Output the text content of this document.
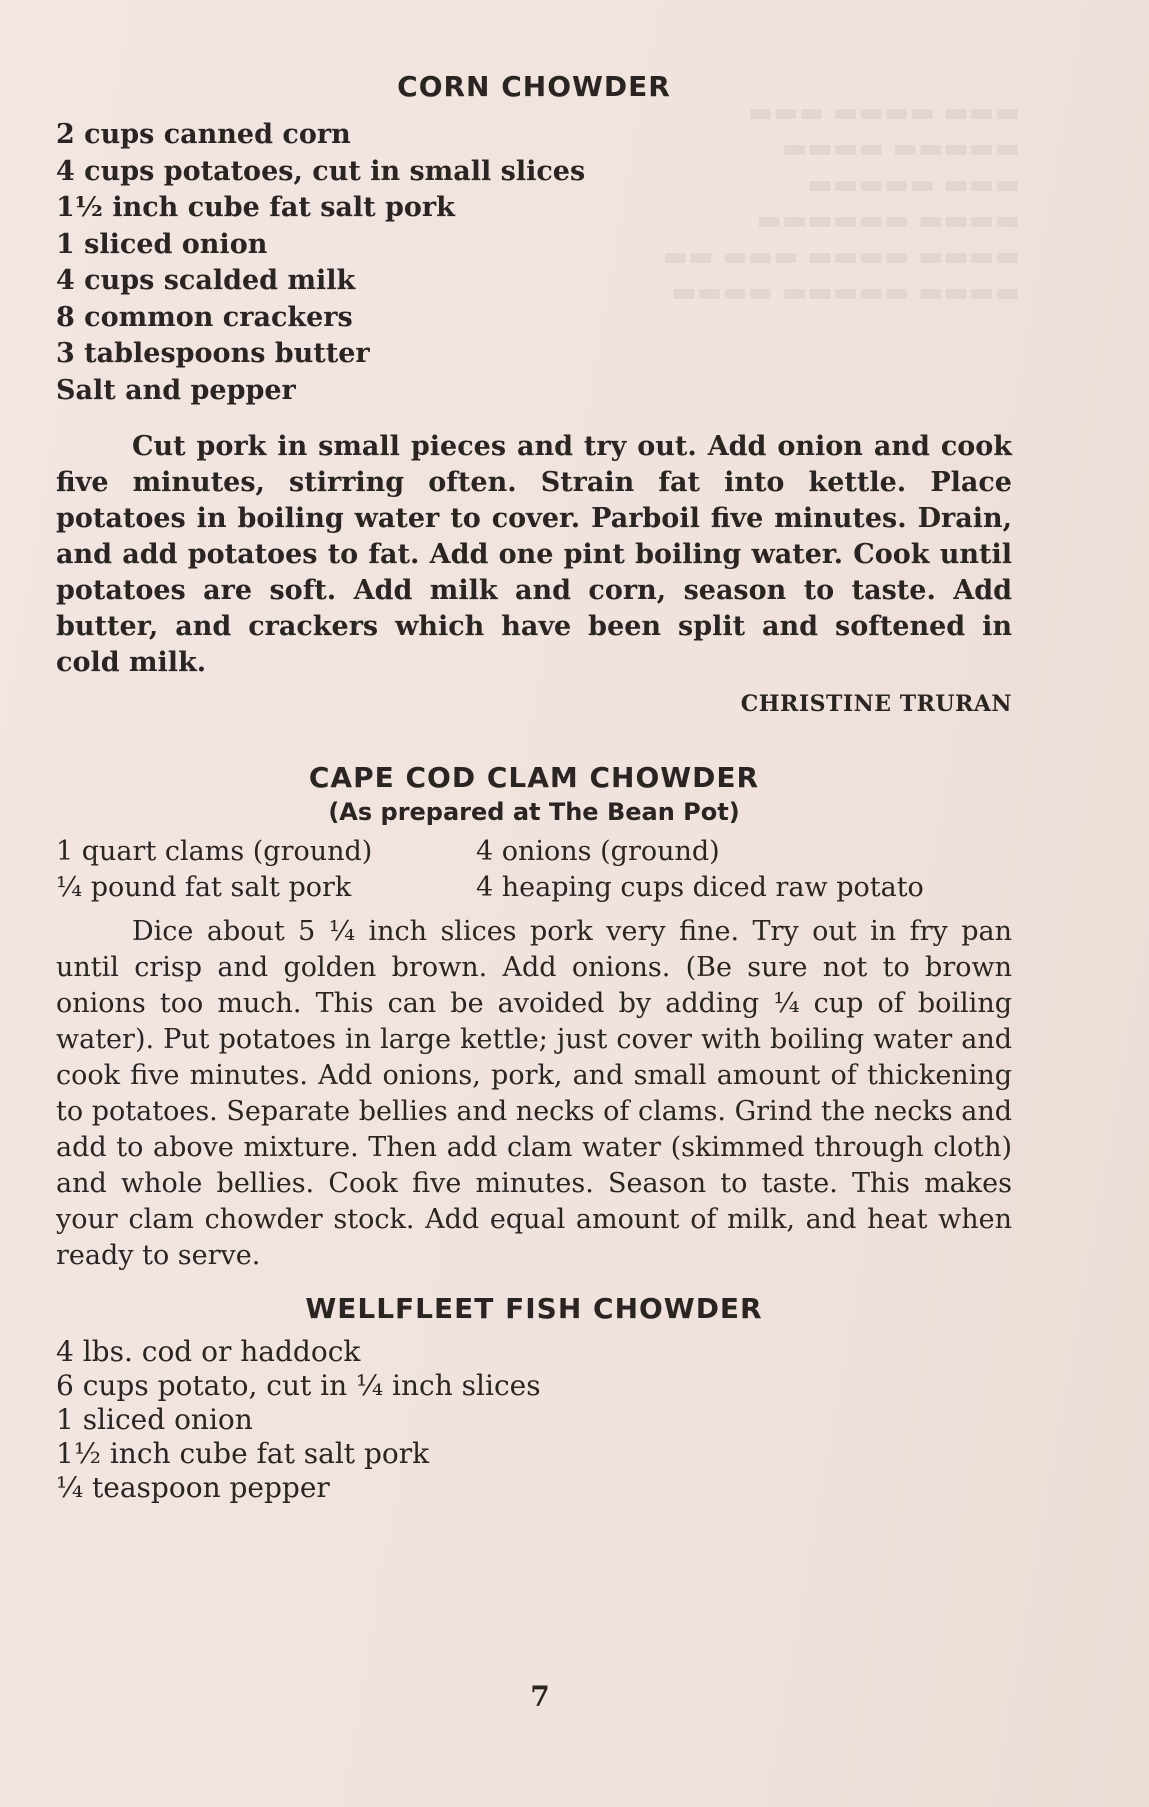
▬▬▬ ▬▬▬▬ ▬▬▬
▬▬▬▬▬ ▬▬▬▬
▬▬▬ ▬▬▬▬▬
▬▬▬▬ ▬▬▬▬▬▬
▬▬▬▬ ▬▬▬▬ ▬▬▬ ▬▬
▬▬▬▬ ▬▬▬▬▬ ▬▬▬▬
CORN CHOWDER
2 cups canned corn
4 cups potatoes, cut in small slices
1½ inch cube fat salt pork
1 sliced onion
4 cups scalded milk
8 common crackers
3 tablespoons butter
Salt and pepper

Cut pork in small pieces and try out. Add onion and cook five minutes, stirring often. Strain fat into kettle. Place potatoes in boiling water to cover. Parboil five minutes. Drain, and add potatoes to fat. Add one pint boiling water. Cook until potatoes are soft. Add milk and corn, season to taste. Add butter, and crackers which have been split and softened in cold milk.

CHRISTINE TRURAN

CAPE COD CLAM CHOWDER
(As prepared at The Bean Pot)
1 quart clams (ground)	4 onions (ground)
¼ pound fat salt pork	4 heaping cups diced raw potato

Dice about 5 ¼ inch slices pork very fine. Try out in fry pan until crisp and golden brown. Add onions. (Be sure not to brown onions too much. This can be avoided by adding ¼ cup of boiling water). Put potatoes in large kettle; just cover with boiling water and cook five minutes. Add onions, pork, and small amount of thickening to potatoes. Separate bellies and necks of clams. Grind the necks and add to above mixture. Then add clam water (skimmed through cloth) and whole bellies. Cook five minutes. Season to taste. This makes your clam chowder stock. Add equal amount of milk, and heat when ready to serve.

WELLFLEET FISH CHOWDER
4 lbs. cod or haddock
6 cups potato, cut in ¼ inch slices
1 sliced onion
1½ inch cube fat salt pork
¼ teaspoon pepper
7
